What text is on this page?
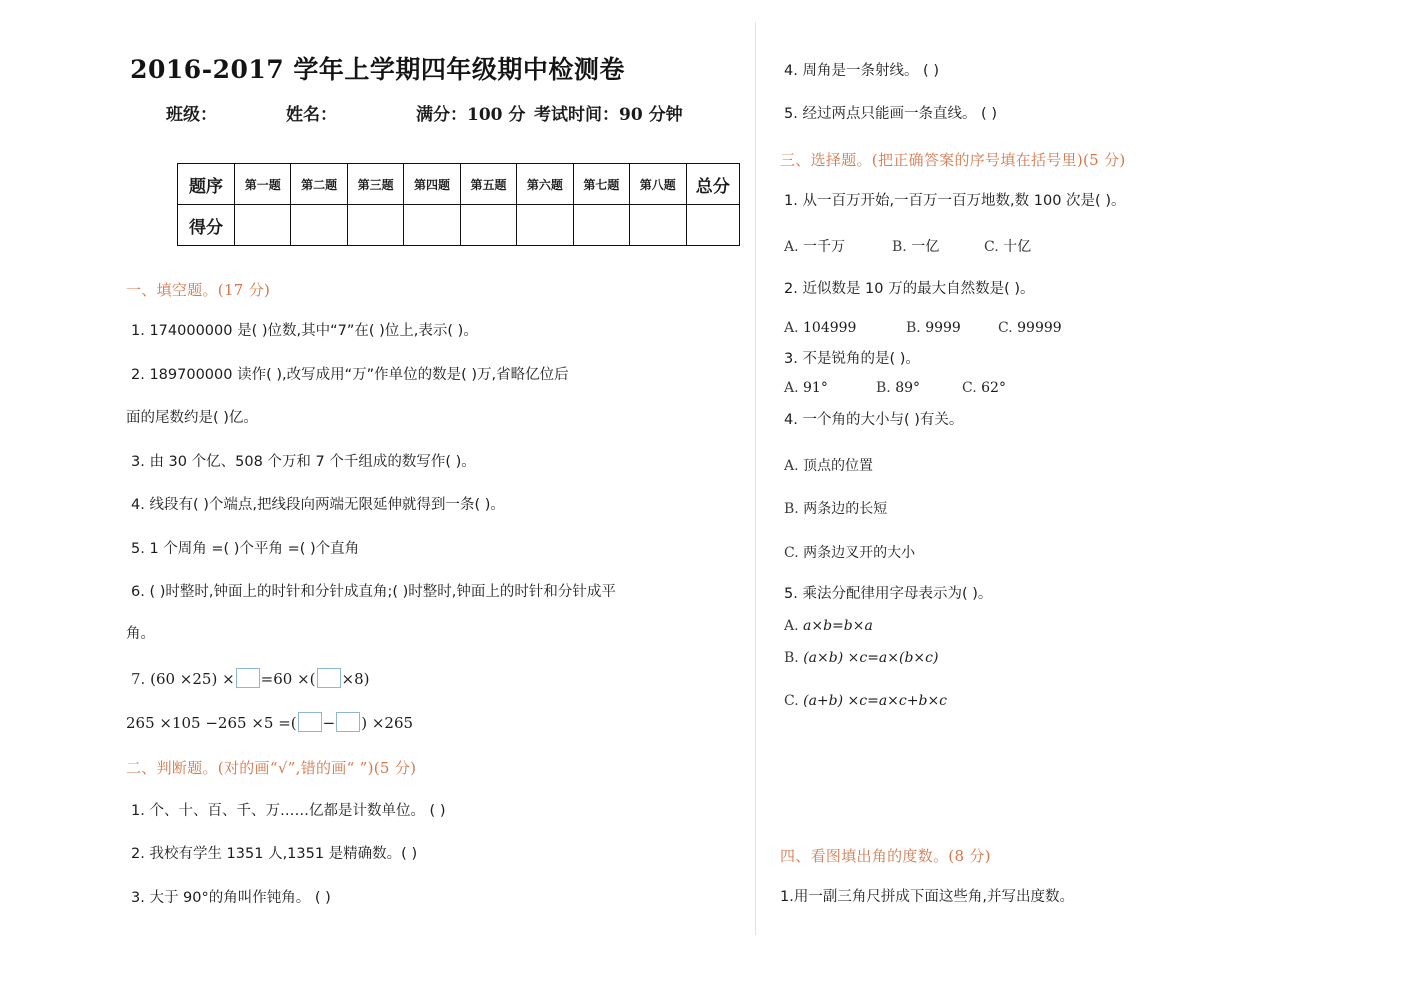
2016-2017 学年上学期四年级期中检测卷
班级：	姓名：	满分：100 分 考试时间：90 分钟
题序	第一题	第二题	第三题	第四题	第五题	第六题	第七题	第八题	总分
得分									
一、填空题。(17 分)
1. 174000000 是( )位数,其中“7”在( )位上,表示( )。
2. 189700000 读作( ),改写成用“万”作单位的数是( )万,省略亿位后
面的尾数约是( )亿。
3. 由 30 个亿、508 个万和 7 个千组成的数写作( )。
4. 线段有( )个端点,把线段向两端无限延伸就得到一条( )。
5. 1 个周角 =( )个平角 =( )个直角
6. ( )时整时,钟面上的时针和分针成直角;( )时整时,钟面上的时针和分针成平
角。
7. (60 ×25) × =60 ×( ×8)
265 ×105 −265 ×5 =( − ) ×265
二、判断题。(对的画“√”,错的画“ ”)(5 分)
1. 个、十、百、千、万……亿都是计数单位。 ( )
2. 我校有学生 1351 人,1351 是精确数。( )
3. 大于 90°的角叫作钝角。 ( )
4. 周角是一条射线。 ( )
5. 经过两点只能画一条直线。 ( )
三、选择题。(把正确答案的序号填在括号里)(5 分)
1. 从一百万开始,一百万一百万地数,数 100 次是( )。
A. 一千万	B. 一亿	C. 十亿
2. 近似数是 10 万的最大自然数是( )。
A. 104999	B. 9999	C. 99999
3. 不是锐角的是( )。
A. 91°	B. 89°	C. 62°
4. 一个角的大小与( )有关。
A. 顶点的位置
B. 两条边的长短
C. 两条边叉开的大小
5. 乘法分配律用字母表示为( )。
A. a×b=b×a
B. (a×b) ×c=a×(b×c)
C. (a+b) ×c=a×c+b×c
四、看图填出角的度数。(8 分)
1.用一副三角尺拼成下面这些角,并写出度数。
